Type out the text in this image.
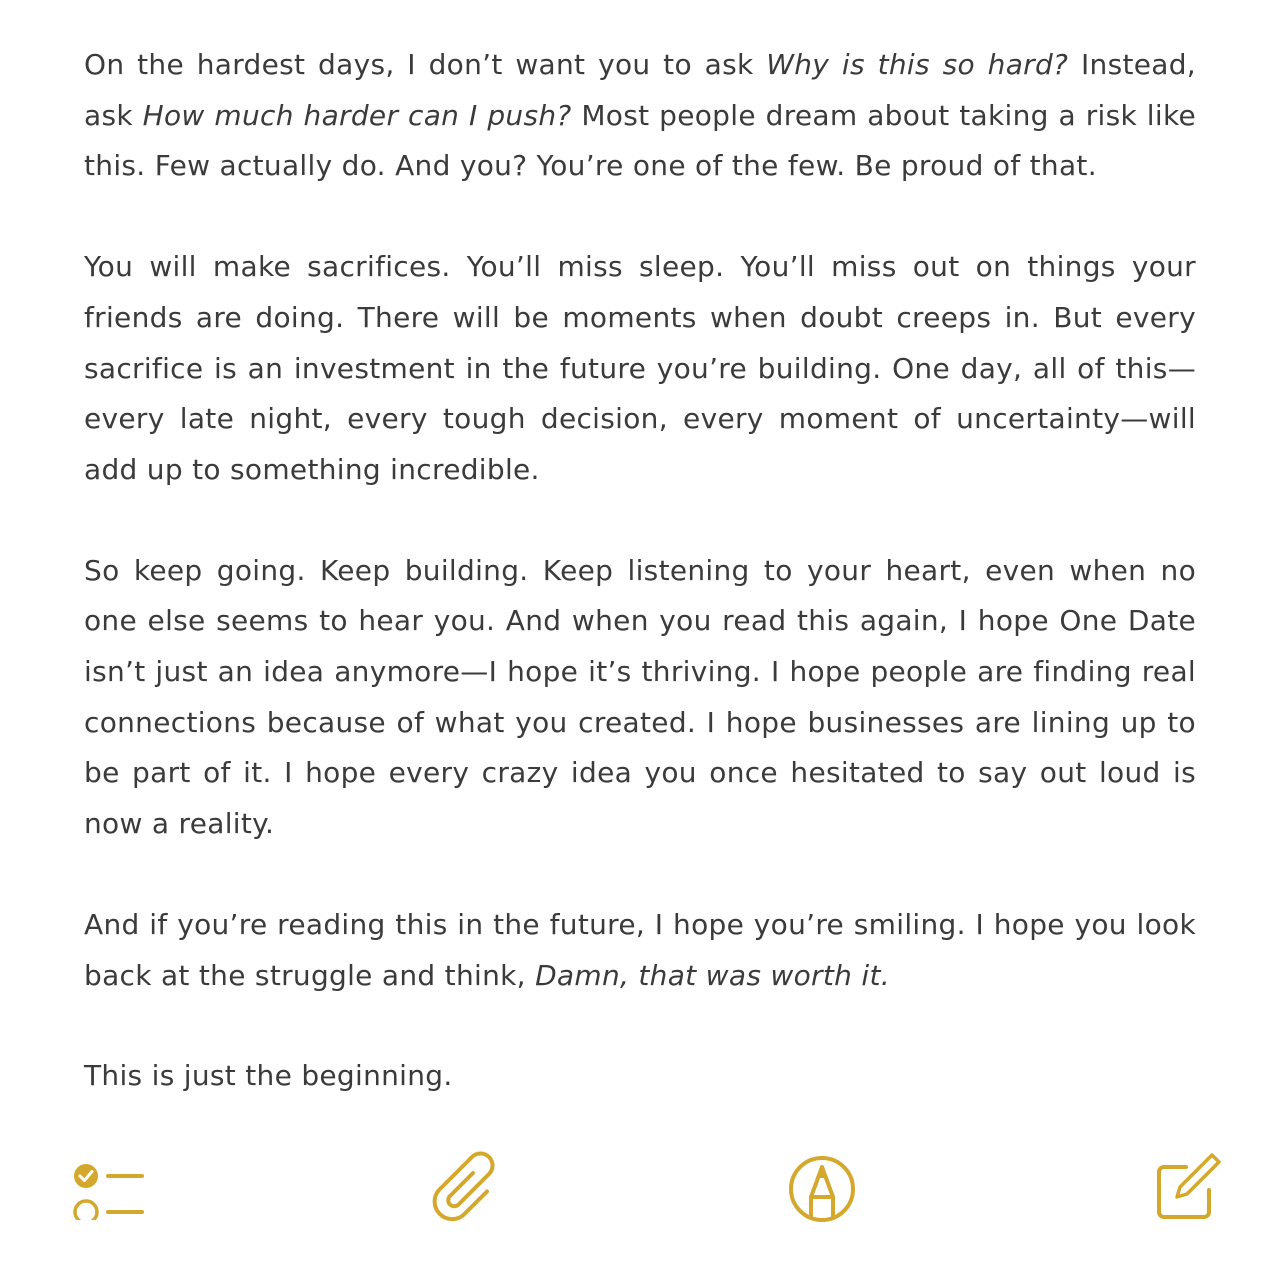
On the hardest days, I don’t want you to ask Why is this so hard? Instead, ask How much harder can I push? Most people dream about taking a risk like this. Few actually do. And you? You’re one of the few. Be proud of that.

You will make sacrifices. You’ll miss sleep. You’ll miss out on things your friends are doing. There will be moments when doubt creeps in. But every sacrifice is an investment in the future you’re building. One day, all of this—every late night, every tough decision, every moment of uncertainty—will add up to something incredible.

So keep going. Keep building. Keep listening to your heart, even when no one else seems to hear you. And when you read this again, I hope One Date isn’t just an idea anymore—I hope it’s thriving. I hope people are finding real connections because of what you created. I hope businesses are lining up to be part of it. I hope every crazy idea you once hesitated to say out loud is now a reality.

And if you’re reading this in the future, I hope you’re smiling. I hope you look back at the struggle and think, Damn, that was worth it.

This is just the beginning.
